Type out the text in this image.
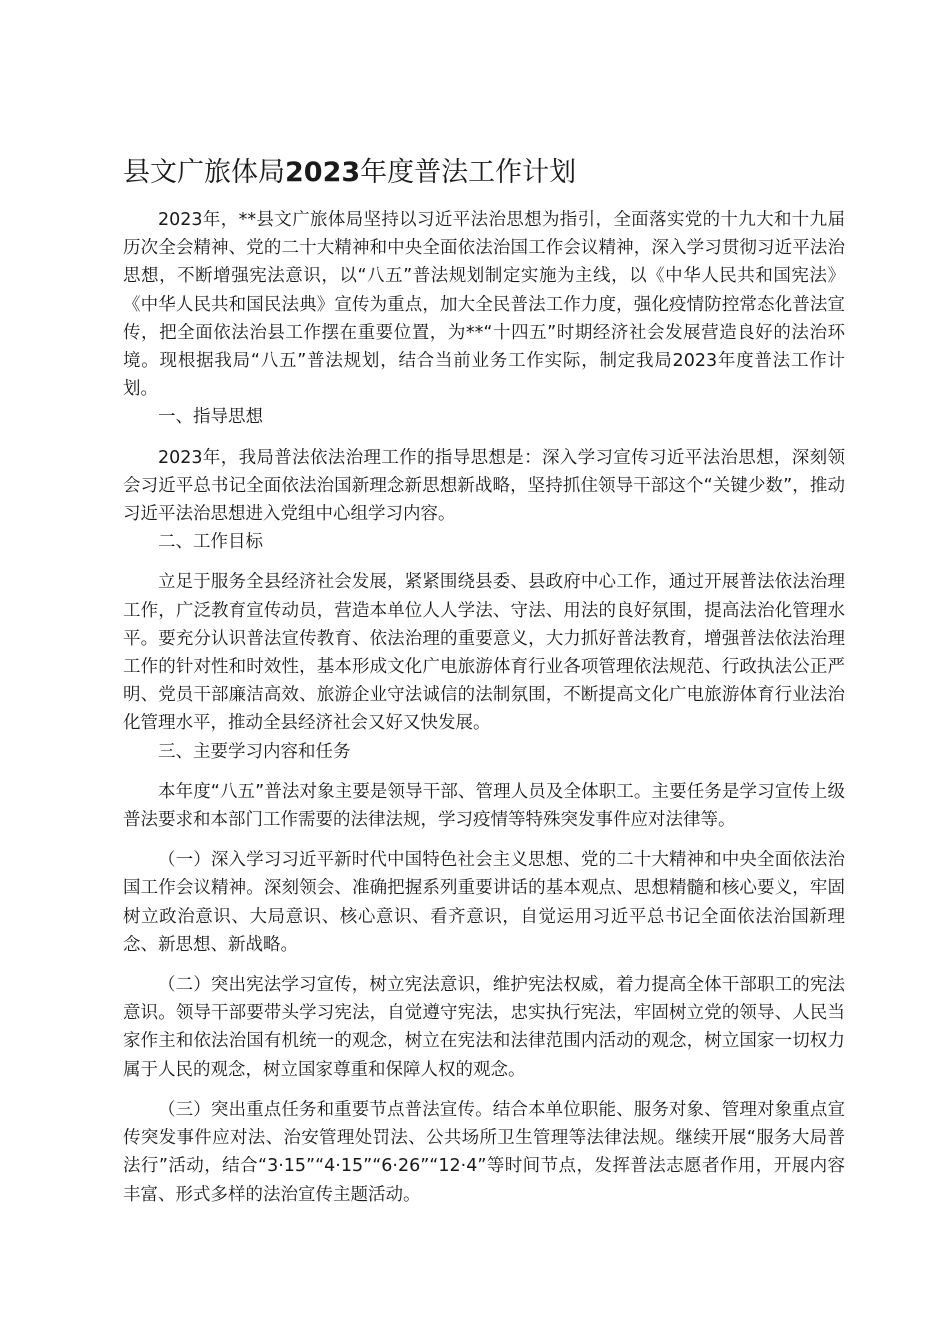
县文广旅体局2023年度普法工作计划

2023年，**县文广旅体局坚持以习近平法治思想为指引，全面落实党的十九大和十九届历次全会精神、党的二十大精神和中央全面依法治国工作会议精神，深入学习贯彻习近平法治思想，不断增强宪法意识，以“八五”普法规划制定实施为主线，以《中华人民共和国宪法》《中华人民共和国民法典》宣传为重点，加大全民普法工作力度，强化疫情防控常态化普法宣传，把全面依法治县工作摆在重要位置，为**“十四五”时期经济社会发展营造良好的法治环境。现根据我局“八五”普法规划，结合当前业务工作实际，制定我局2023年度普法工作计划。

一、指导思想

2023年，我局普法依法治理工作的指导思想是：深入学习宣传习近平法治思想，深刻领会习近平总书记全面依法治国新理念新思想新战略，坚持抓住领导干部这个“关键少数”，推动习近平法治思想进入党组中心组学习内容。

二、工作目标

立足于服务全县经济社会发展，紧紧围绕县委、县政府中心工作，通过开展普法依法治理工作，广泛教育宣传动员，营造本单位人人学法、守法、用法的良好氛围，提高法治化管理水平。要充分认识普法宣传教育、依法治理的重要意义，大力抓好普法教育，增强普法依法治理工作的针对性和时效性，基本形成文化广电旅游体育行业各项管理依法规范、行政执法公正严明、党员干部廉洁高效、旅游企业守法诚信的法制氛围，不断提高文化广电旅游体育行业法治化管理水平，推动全县经济社会又好又快发展。

三、主要学习内容和任务

本年度“八五”普法对象主要是领导干部、管理人员及全体职工。主要任务是学习宣传上级普法要求和本部门工作需要的法律法规，学习疫情等特殊突发事件应对法律等。

（一）深入学习习近平新时代中国特色社会主义思想、党的二十大精神和中央全面依法治国工作会议精神。深刻领会、准确把握系列重要讲话的基本观点、思想精髓和核心要义，牢固树立政治意识、大局意识、核心意识、看齐意识，自觉运用习近平总书记全面依法治国新理念、新思想、新战略。

（二）突出宪法学习宣传，树立宪法意识，维护宪法权威，着力提高全体干部职工的宪法意识。领导干部要带头学习宪法，自觉遵守宪法，忠实执行宪法，牢固树立党的领导、人民当家作主和依法治国有机统一的观念，树立在宪法和法律范围内活动的观念，树立国家一切权力属于人民的观念，树立国家尊重和保障人权的观念。

（三）突出重点任务和重要节点普法宣传。结合本单位职能、服务对象、管理对象重点宣传突发事件应对法、治安管理处罚法、公共场所卫生管理等法律法规。继续开展“服务大局普法行”活动，结合“3·15”“4·15”“6·26”“12·4”等时间节点，发挥普法志愿者作用，开展内容丰富、形式多样的法治宣传主题活动。
